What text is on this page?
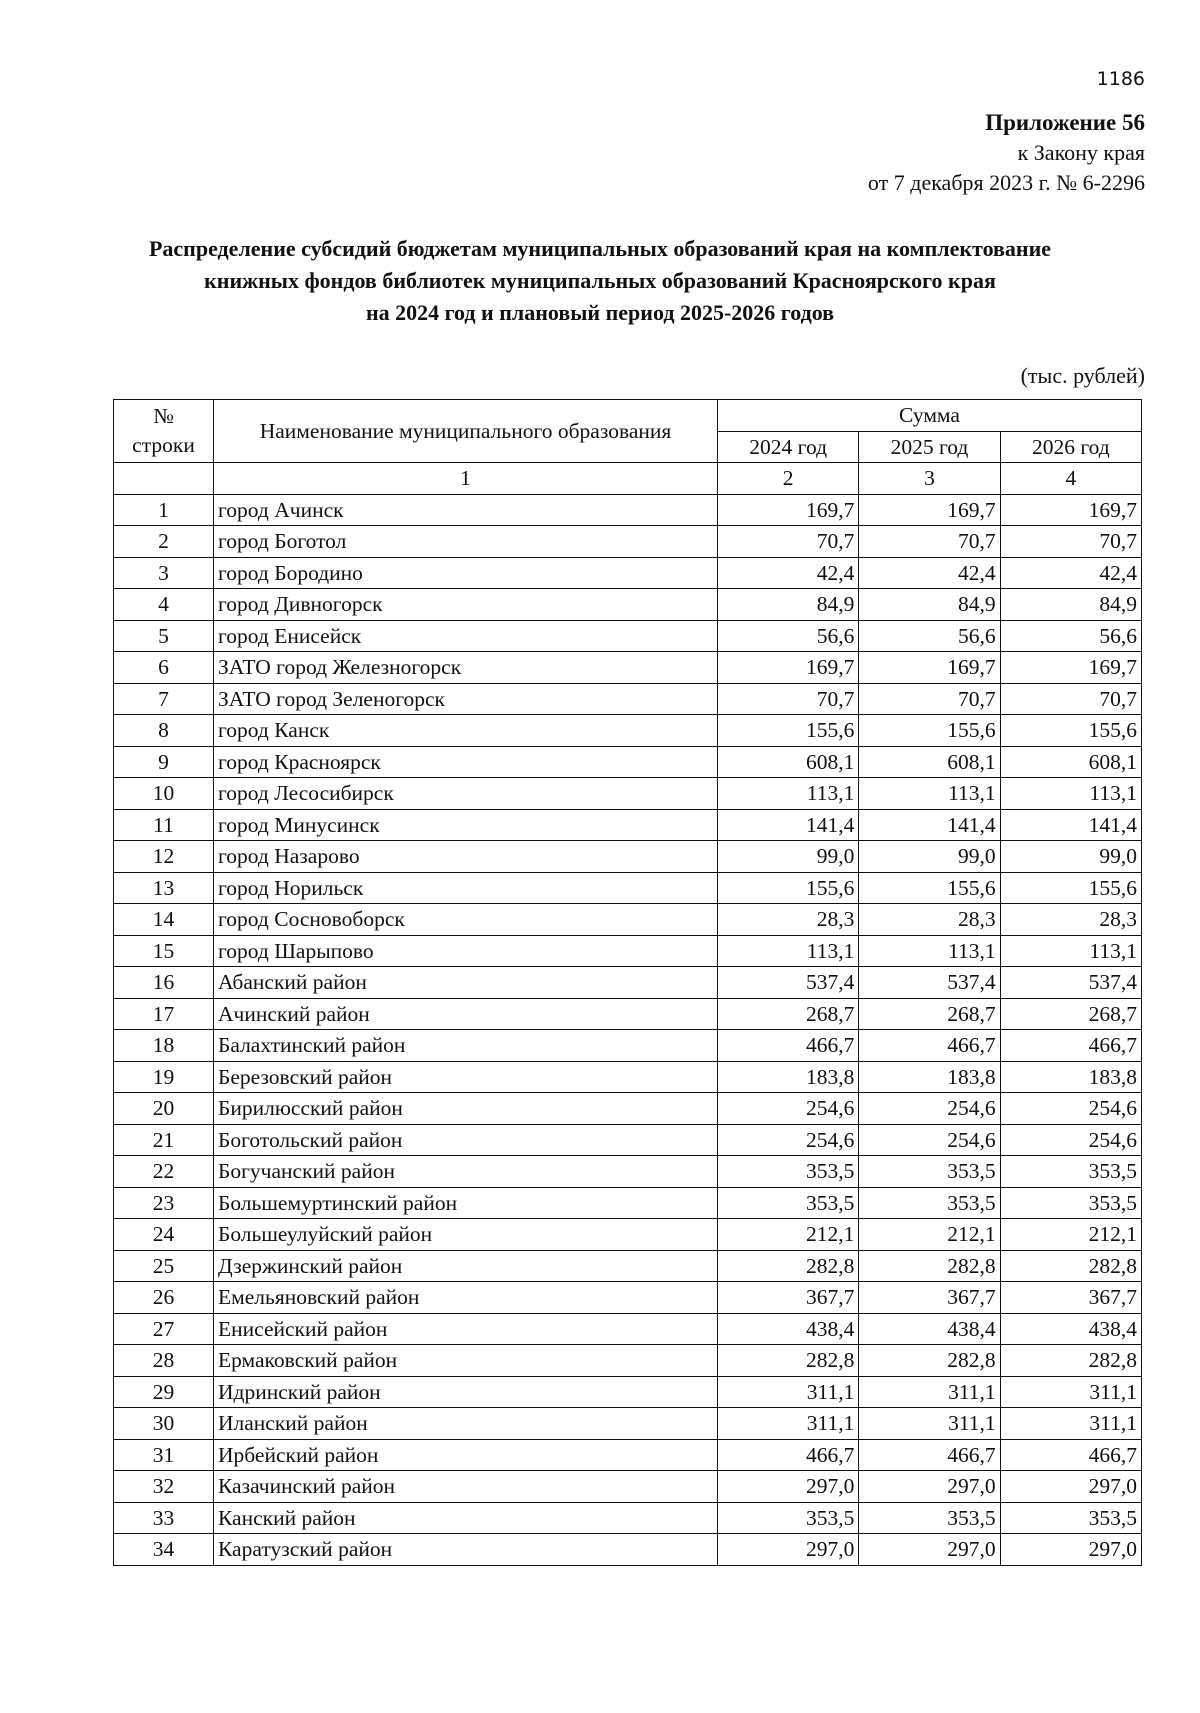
1186
Приложение 56
к Закону края
от 7 декабря 2023 г. № 6-2296
Распределение субсидий бюджетам муниципальных образований края на комплектование
книжных фондов библиотек муниципальных образований Красноярского края
на 2024 год и плановый период 2025-2026 годов
(тыс. рублей)
№
строки	Наименование муниципального образования	Сумма		
		2024 год	2025 год	2026 год
	1	2	3	4
1	город Ачинск	169,7	169,7	169,7
2	город Боготол	70,7	70,7	70,7
3	город Бородино	42,4	42,4	42,4
4	город Дивногорск	84,9	84,9	84,9
5	город Енисейск	56,6	56,6	56,6
6	ЗАТО город Железногорск	169,7	169,7	169,7
7	ЗАТО город Зеленогорск	70,7	70,7	70,7
8	город Канск	155,6	155,6	155,6
9	город Красноярск	608,1	608,1	608,1
10	город Лесосибирск	113,1	113,1	113,1
11	город Минусинск	141,4	141,4	141,4
12	город Назарово	99,0	99,0	99,0
13	город Норильск	155,6	155,6	155,6
14	город Сосновоборск	28,3	28,3	28,3
15	город Шарыпово	113,1	113,1	113,1
16	Абанский район	537,4	537,4	537,4
17	Ачинский район	268,7	268,7	268,7
18	Балахтинский район	466,7	466,7	466,7
19	Березовский район	183,8	183,8	183,8
20	Бирилюсский район	254,6	254,6	254,6
21	Боготольский район	254,6	254,6	254,6
22	Богучанский район	353,5	353,5	353,5
23	Большемуртинский район	353,5	353,5	353,5
24	Большеулуйский район	212,1	212,1	212,1
25	Дзержинский район	282,8	282,8	282,8
26	Емельяновский район	367,7	367,7	367,7
27	Енисейский район	438,4	438,4	438,4
28	Ермаковский район	282,8	282,8	282,8
29	Идринский район	311,1	311,1	311,1
30	Иланский район	311,1	311,1	311,1
31	Ирбейский район	466,7	466,7	466,7
32	Казачинский район	297,0	297,0	297,0
33	Канский район	353,5	353,5	353,5
34	Каратузский район	297,0	297,0	297,0
